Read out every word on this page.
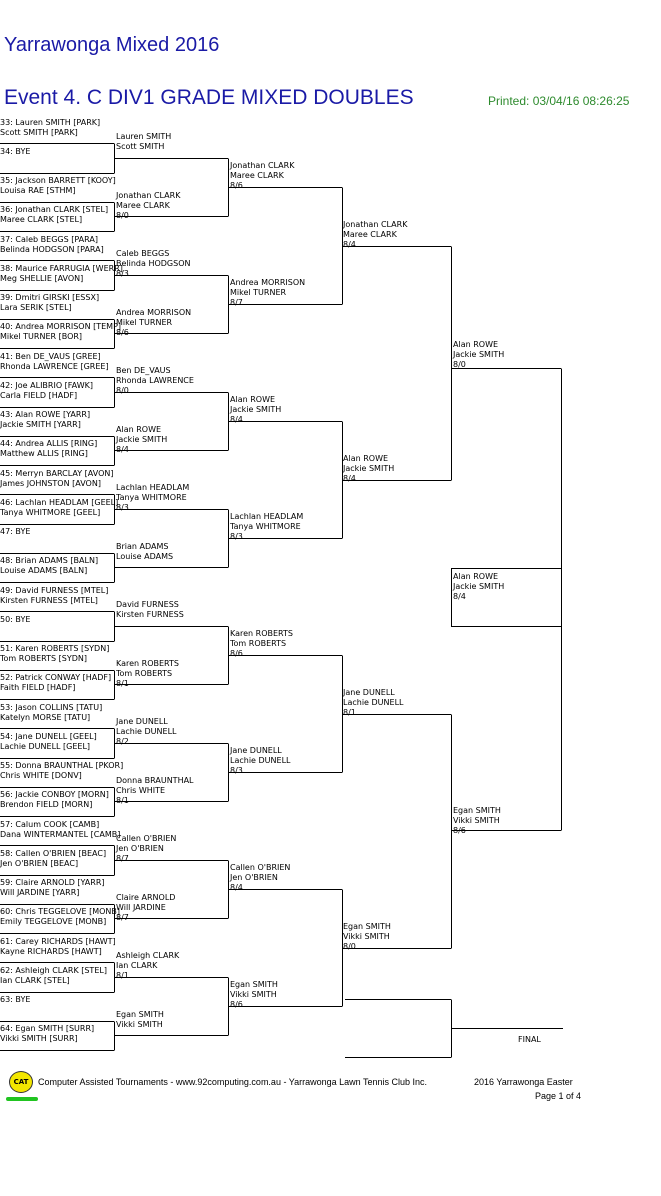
Yarrawonga Mixed 2016
Event 4. C DIV1 GRADE MIXED DOUBLES	Printed: 03/04/16 08:26:25
33: Lauren SMITH [PARK]
Scott SMITH [PARK]
34: BYE
35: Jackson BARRETT [KOOY]
Louisa RAE [STHM]
36: Jonathan CLARK [STEL]
Maree CLARK [STEL]
37: Caleb BEGGS [PARA]
Belinda HODGSON [PARA]
38: Maurice FARRUGIA [WERR]
Meg SHELLIE [AVON]
39: Dmitri GIRSKI [ESSX]
Lara SERIK [STEL]
40: Andrea MORRISON [TEMP]
Mikel TURNER [BOR]
41: Ben DE_VAUS [GREE]
Rhonda LAWRENCE [GREE]
42: Joe ALIBRIO [FAWK]
Carla FIELD [HADF]
43: Alan ROWE [YARR]
Jackie SMITH [YARR]
44: Andrea ALLIS [RING]
Matthew ALLIS [RING]
45: Merryn BARCLAY [AVON]
James JOHNSTON [AVON]
46: Lachlan HEADLAM [GEEL]
Tanya WHITMORE [GEEL]
47: BYE
48: Brian ADAMS [BALN]
Louise ADAMS [BALN]
49: David FURNESS [MTEL]
Kirsten FURNESS [MTEL]
50: BYE
51: Karen ROBERTS [SYDN]
Tom ROBERTS [SYDN]
52: Patrick CONWAY [HADF]
Faith FIELD [HADF]
53: Jason COLLINS [TATU]
Katelyn MORSE [TATU]
54: Jane DUNELL [GEEL]
Lachie DUNELL [GEEL]
55: Donna BRAUNTHAL [PKOR]
Chris WHITE [DONV]
56: Jackie CONBOY [MORN]
Brendon FIELD [MORN]
57: Calum COOK [CAMB]
Dana WINTERMANTEL [CAMB]
58: Callen O'BRIEN [BEAC]
Jen O'BRIEN [BEAC]
59: Claire ARNOLD [YARR]
Will JARDINE [YARR]
60: Chris TEGGELOVE [MONB]
Emily TEGGELOVE [MONB]
61: Carey RICHARDS [HAWT]
Kayne RICHARDS [HAWT]
62: Ashleigh CLARK [STEL]
Ian CLARK [STEL]
63: BYE
64: Egan SMITH [SURR]
Vikki SMITH [SURR]
Lauren SMITH
Scott SMITH
Jonathan CLARK
Maree CLARK
8/0
Caleb BEGGS
Belinda HODGSON
8/3
Andrea MORRISON
Mikel TURNER
8/6
Ben DE_VAUS
Rhonda LAWRENCE
8/0
Alan ROWE
Jackie SMITH
8/4
Lachlan HEADLAM
Tanya WHITMORE
8/3
Brian ADAMS
Louise ADAMS
David FURNESS
Kirsten FURNESS
Karen ROBERTS
Tom ROBERTS
8/1
Jane DUNELL
Lachie DUNELL
8/2
Donna BRAUNTHAL
Chris WHITE
8/1
Callen O'BRIEN
Jen O'BRIEN
8/7
Claire ARNOLD
Will JARDINE
8/7
Ashleigh CLARK
Ian CLARK
8/1
Egan SMITH
Vikki SMITH
Jonathan CLARK
Maree CLARK
8/6
Andrea MORRISON
Mikel TURNER
8/7
Alan ROWE
Jackie SMITH
8/4
Lachlan HEADLAM
Tanya WHITMORE
8/3
Karen ROBERTS
Tom ROBERTS
8/6
Jane DUNELL
Lachie DUNELL
8/3
Callen O'BRIEN
Jen O'BRIEN
8/4
Egan SMITH
Vikki SMITH
8/6
Jonathan CLARK
Maree CLARK
8/4
Alan ROWE
Jackie SMITH
8/4
Jane DUNELL
Lachie DUNELL
8/1
Egan SMITH
Vikki SMITH
8/0
Alan ROWE
Jackie SMITH
8/0
Alan ROWE
Jackie SMITH
8/4
Egan SMITH
Vikki SMITH
8/6
FINAL
CAT	Computer Assisted Tournaments - www.92computing.com.au - Yarrawonga Lawn Tennis Club Inc.	2016 Yarrawonga Easter
Page 1 of 4
